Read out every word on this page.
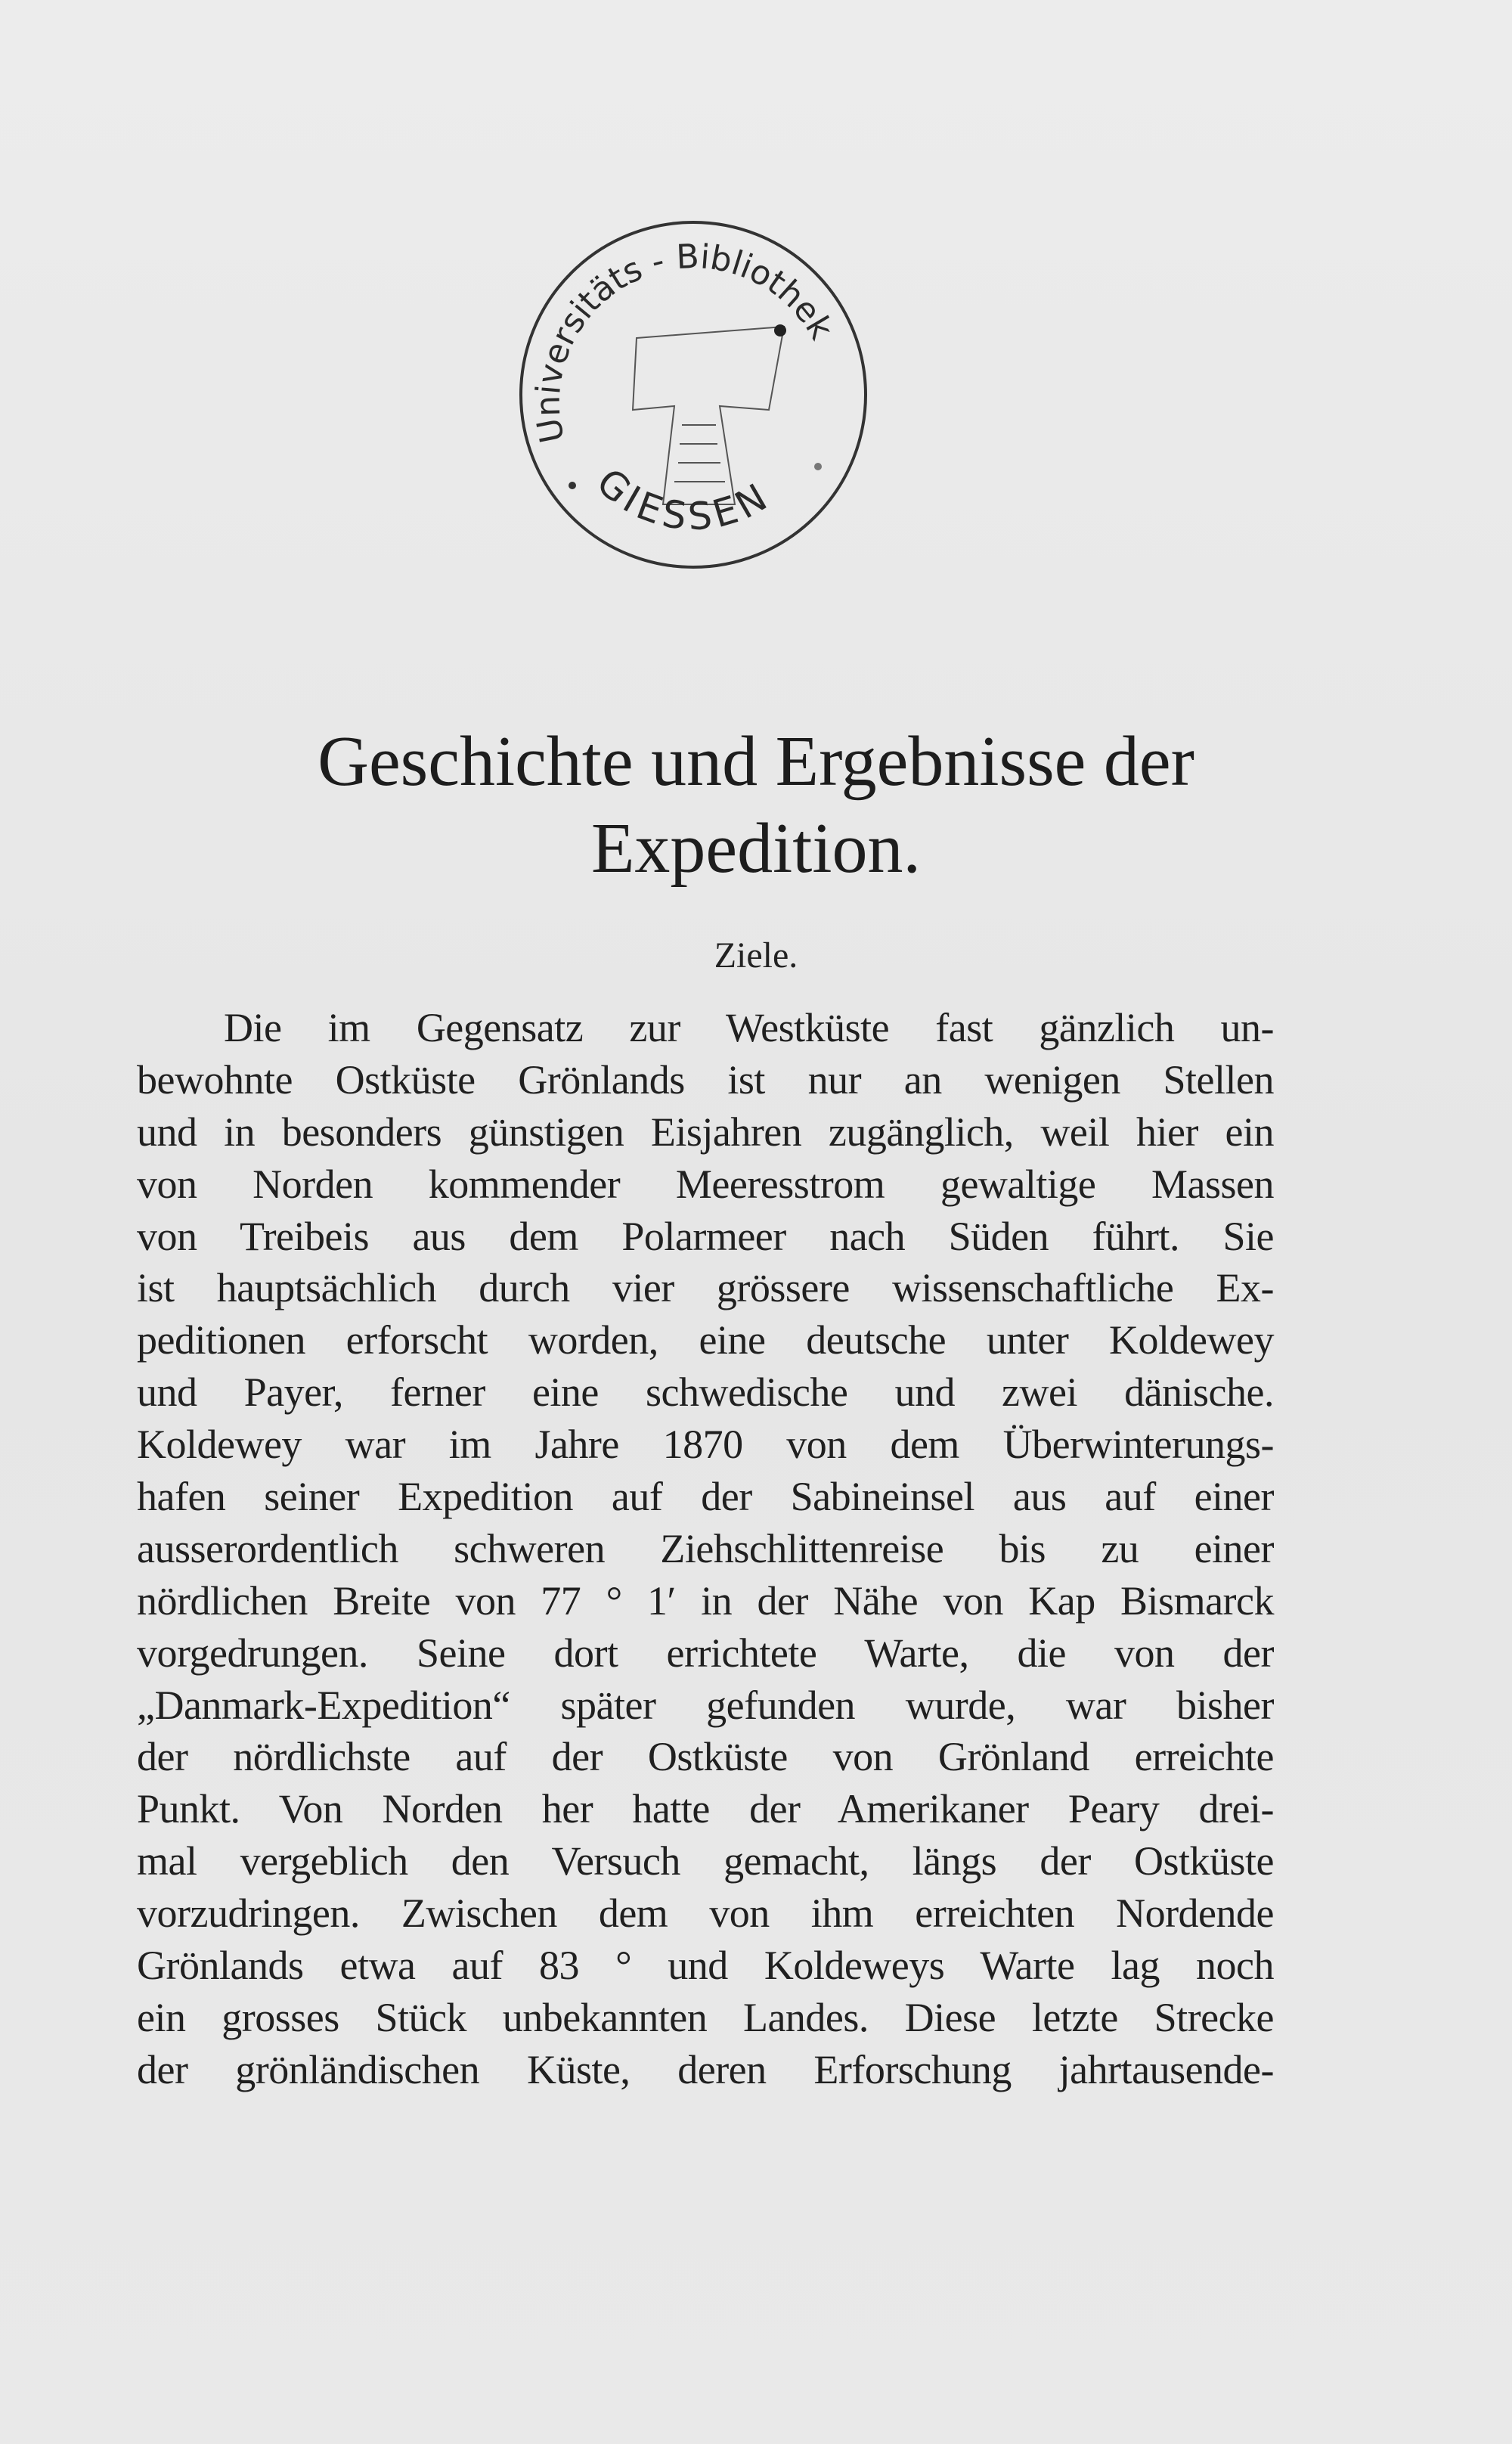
Universitäts - Bibliothek
GIESSEN
Geschichte und Ergebnisse der
Expedition.
Ziele.
Die im Gegensatz zur Westküste fast gänzlich un-
bewohnte Ostküste Grönlands ist nur an wenigen Stellen
und in besonders günstigen Eisjahren zugänglich, weil hier ein
von Norden kommender Meeresstrom gewaltige Massen
von Treibeis aus dem Polarmeer nach Süden führt. Sie
ist hauptsächlich durch vier grössere wissenschaftliche Ex-
peditionen erforscht worden, eine deutsche unter Koldewey
und Payer, ferner eine schwedische und zwei dänische.
Koldewey war im Jahre 1870 von dem Überwinterungs-
hafen seiner Expedition auf der Sabineinsel aus auf einer
ausserordentlich schweren Ziehschlittenreise bis zu einer
nördlichen Breite von 77 ° 1′ in der Nähe von Kap Bismarck
vorgedrungen. Seine dort errichtete Warte, die von der
„Danmark-Expedition“ später gefunden wurde, war bisher
der nördlichste auf der Ostküste von Grönland erreichte
Punkt. Von Norden her hatte der Amerikaner Peary drei-
mal vergeblich den Versuch gemacht, längs der Ostküste
vorzudringen. Zwischen dem von ihm erreichten Nordende
Grönlands etwa auf 83 ° und Koldeweys Warte lag noch
ein grosses Stück unbekannten Landes. Diese letzte Strecke
der grönländischen Küste, deren Erforschung jahrtausende-
